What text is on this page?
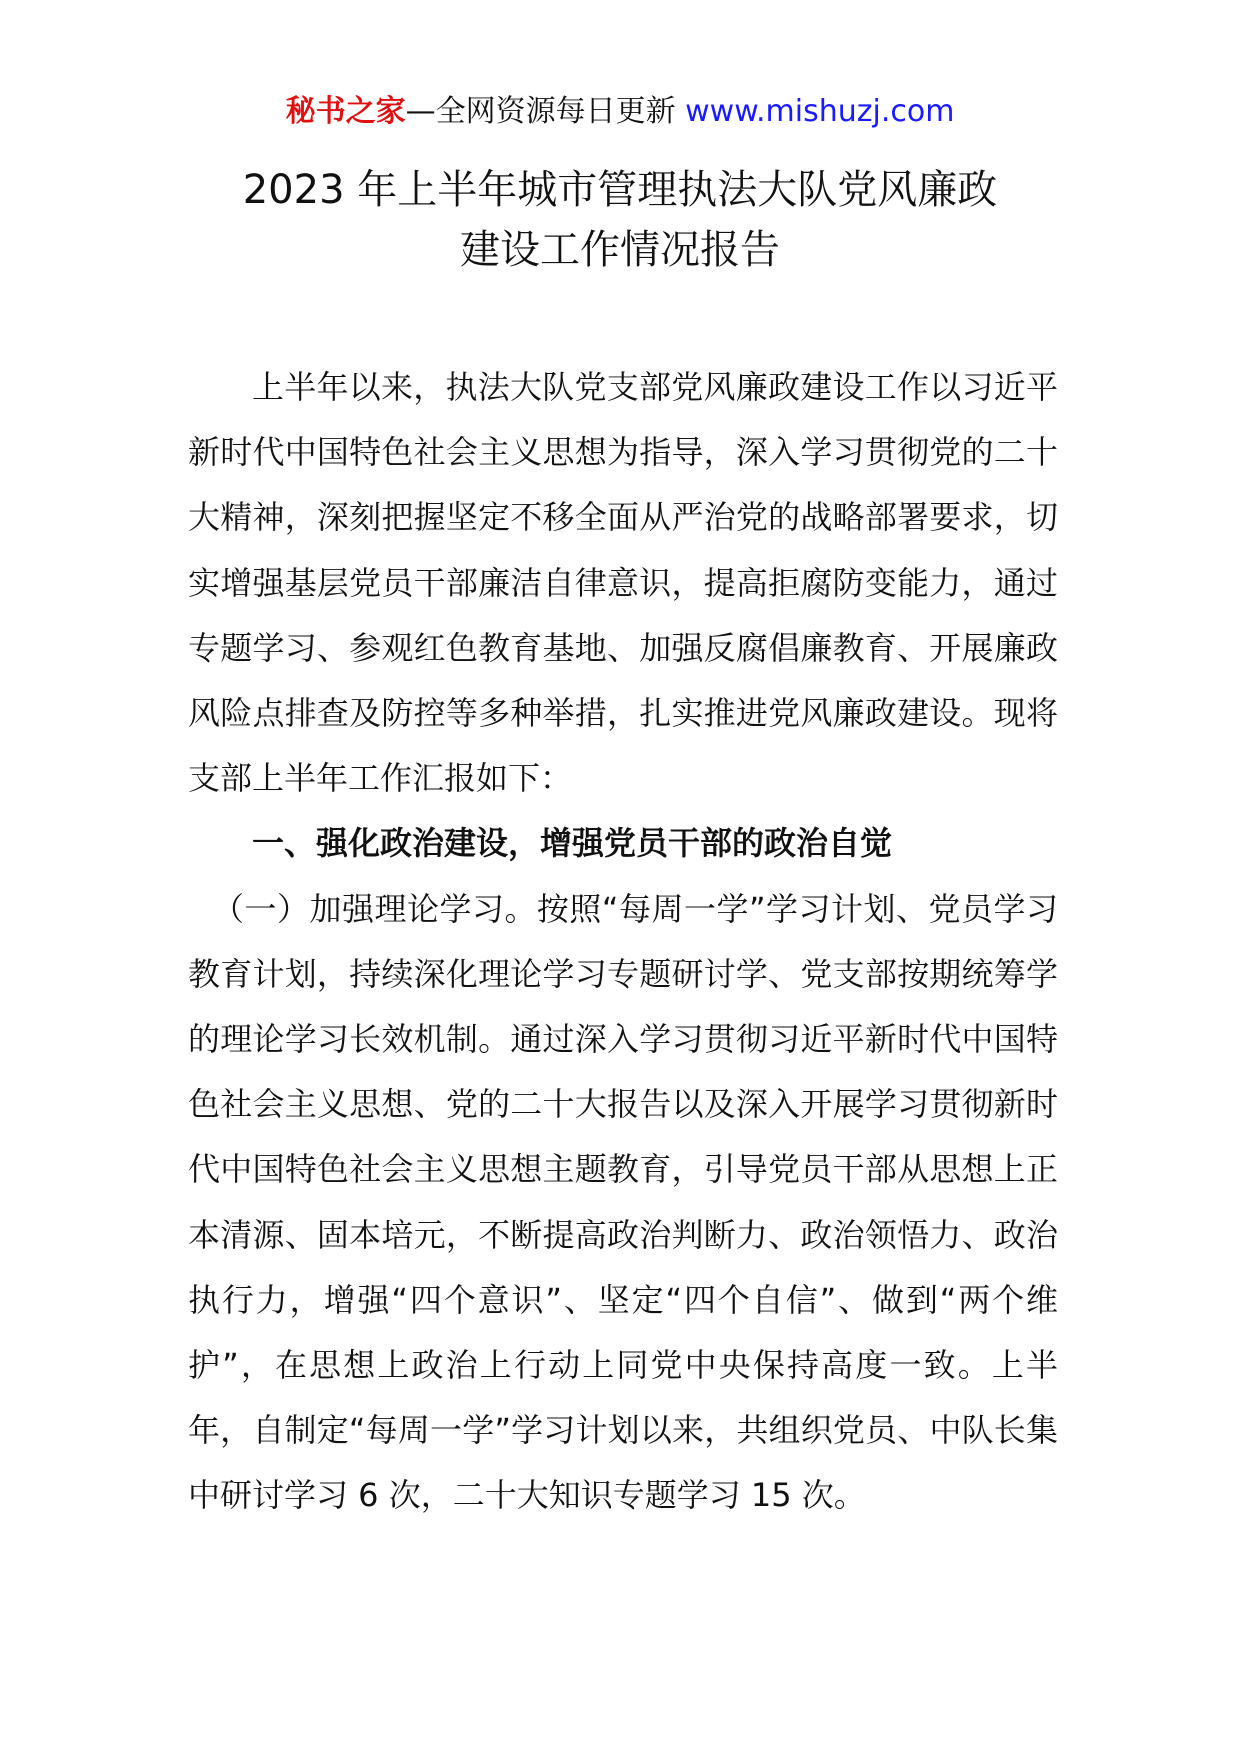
秘书之家—全网资源每日更新 www.mishuzj.com
2023 年上半年城市管理执法大队党风廉政
建设工作情况报告

上半年以来，执法大队党支部党风廉政建设工作以习近平新时代中国特色社会主义思想为指导，深入学习贯彻党的二十大精神，深刻把握坚定不移全面从严治党的战略部署要求，切实增强基层党员干部廉洁自律意识，提高拒腐防变能力，通过专题学习、参观红色教育基地、加强反腐倡廉教育、开展廉政风险点排查及防控等多种举措，扎实推进党风廉政建设。现将支部上半年工作汇报如下：

一、强化政治建设，增强党员干部的政治自觉

（一）加强理论学习。按照“每周一学”学习计划、党员学习教育计划，持续深化理论学习专题研讨学、党支部按期统筹学的理论学习长效机制。通过深入学习贯彻习近平新时代中国特色社会主义思想、党的二十大报告以及深入开展学习贯彻新时代中国特色社会主义思想主题教育，引导党员干部从思想上正本清源、固本培元，不断提高政治判断力、政治领悟力、政治执行力，增强“四个意识”、坚定“四个自信”、做到“两个维护”，在思想上政治上行动上同党中央保持高度一致。上半年，自制定“每周一学”学习计划以来，共组织党员、中队长集中研讨学习 6 次，二十大知识专题学习 15 次。
